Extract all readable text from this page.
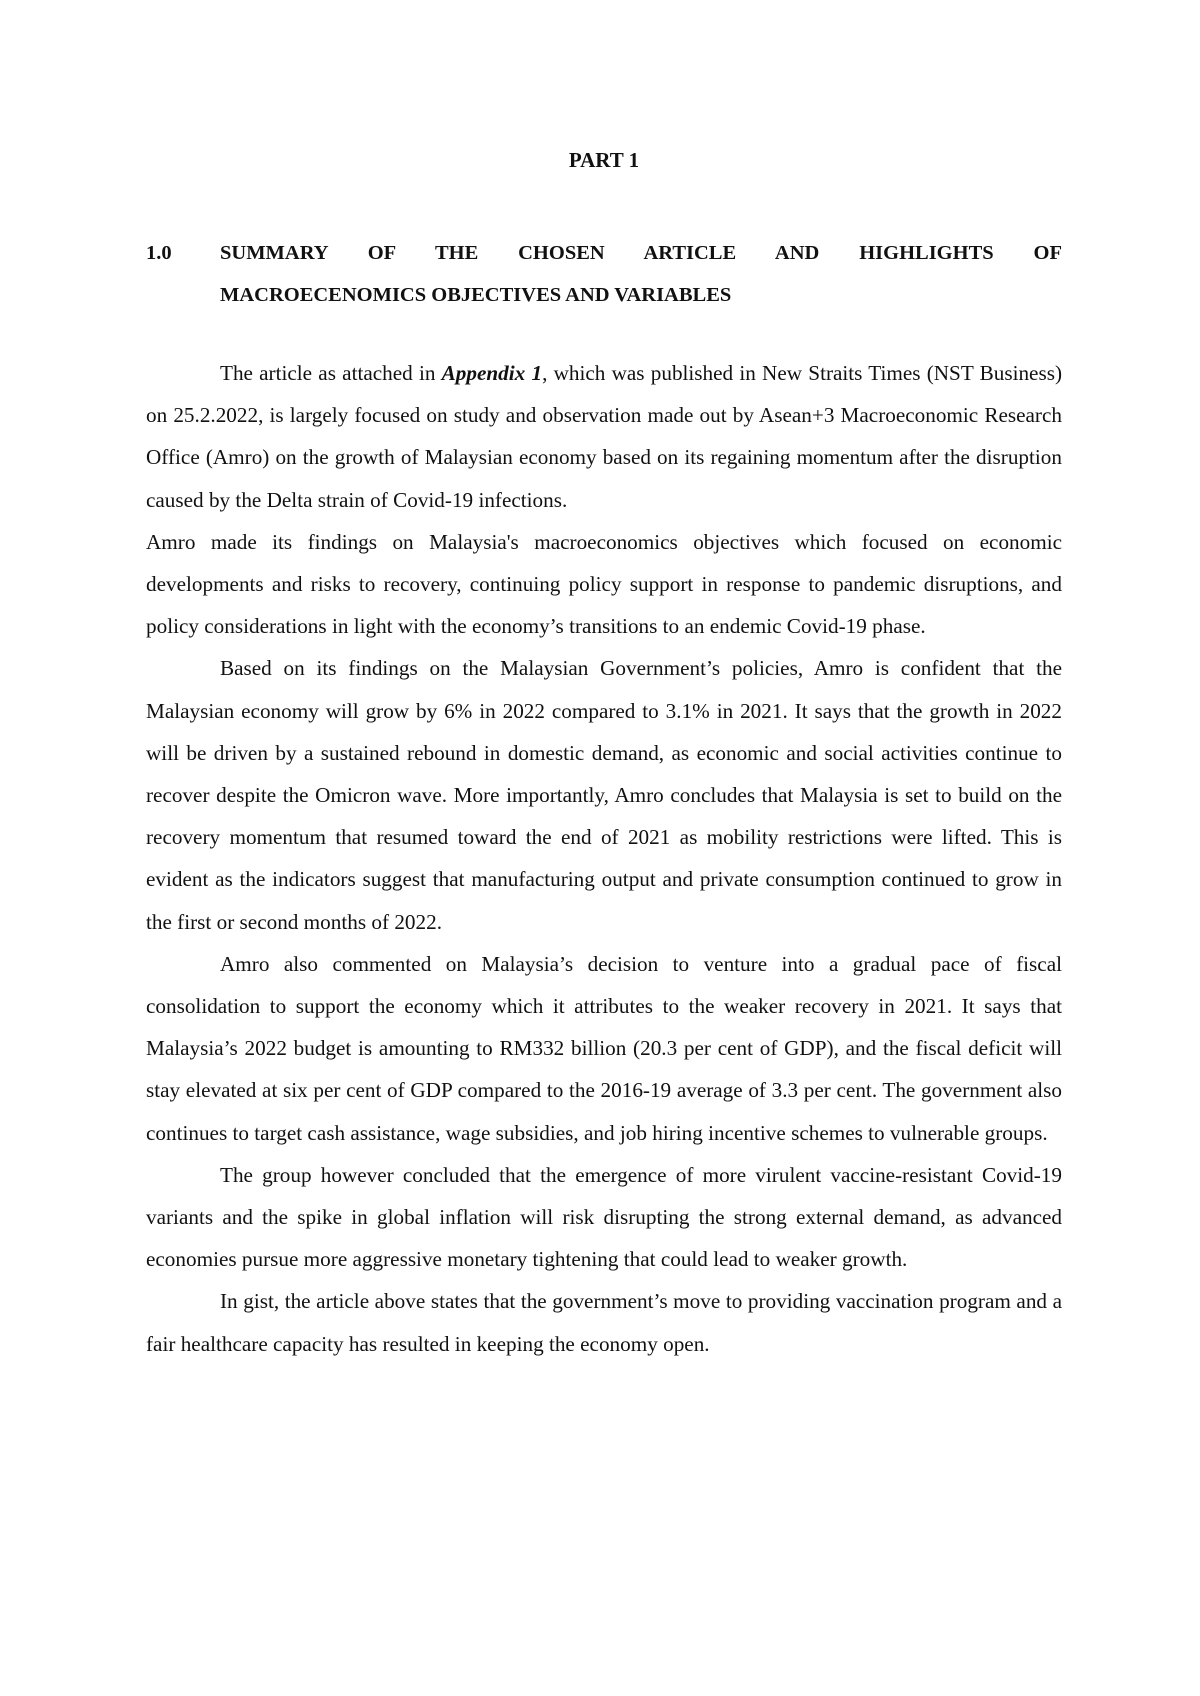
PART 1
1.0 SUMMARY OF THE CHOSEN ARTICLE AND HIGHLIGHTS OF
MACROECENOMICS OBJECTIVES AND VARIABLES

The article as attached in Appendix 1, which was published in New Straits Times (NST Business) on 25.2.2022, is largely focused on study and observation made out by Asean+3 Macroeconomic Research Office (Amro) on the growth of Malaysian economy based on its regaining momentum after the disruption caused by the Delta strain of Covid-19 infections.

Amro made its findings on Malaysia's macroeconomics objectives which focused on economic developments and risks to recovery, continuing policy support in response to pandemic disruptions, and policy considerations in light with the economy’s transitions to an endemic Covid-19 phase.

Based on its findings on the Malaysian Government’s policies, Amro is confident that the Malaysian economy will grow by 6% in 2022 compared to 3.1% in 2021. It says that the growth in 2022 will be driven by a sustained rebound in domestic demand, as economic and social activities continue to recover despite the Omicron wave. More importantly, Amro concludes that Malaysia is set to build on the recovery momentum that resumed toward the end of 2021 as mobility restrictions were lifted. This is evident as the indicators suggest that manufacturing output and private consumption continued to grow in the first or second months of 2022.

Amro also commented on Malaysia’s decision to venture into a gradual pace of fiscal consolidation to support the economy which it attributes to the weaker recovery in 2021. It says that Malaysia’s 2022 budget is amounting to RM332 billion (20.3 per cent of GDP), and the fiscal deficit will stay elevated at six per cent of GDP compared to the 2016-19 average of 3.3 per cent. The government also continues to target cash assistance, wage subsidies, and job hiring incentive schemes to vulnerable groups.

The group however concluded that the emergence of more virulent vaccine-resistant Covid-19 variants and the spike in global inflation will risk disrupting the strong external demand, as advanced economies pursue more aggressive monetary tightening that could lead to weaker growth.

In gist, the article above states that the government’s move to providing vaccination program and a fair healthcare capacity has resulted in keeping the economy open.
